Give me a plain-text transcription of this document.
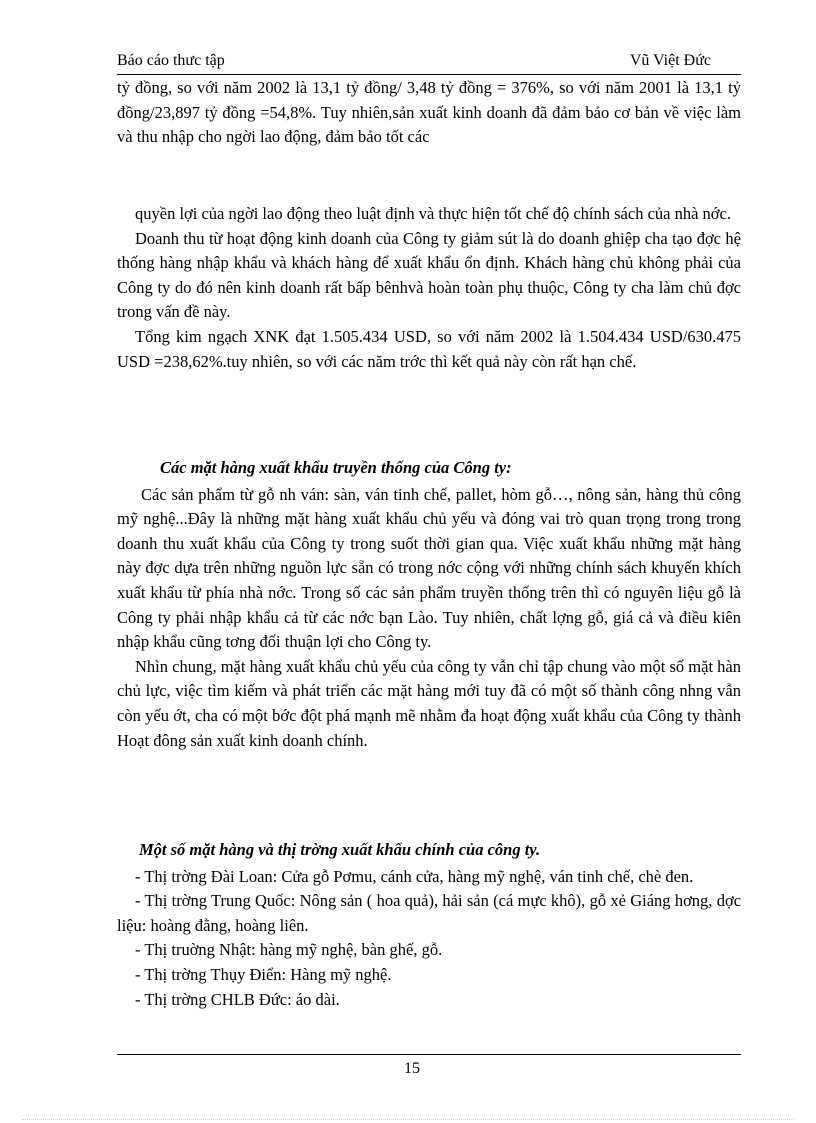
Báo cáo thưc tập	Vũ Việt Đức

tỷ đồng, so với năm 2002 là 13,1 tỷ đồng/ 3,48 tỷ đồng = 376%, so với năm 2001 là 13,1 tỷ đồng/23,897 tỷ đồng =54,8%. Tuy nhiên,sản xuất kinh doanh đã đảm bảo cơ bản về việc làm và thu nhập cho ngời lao động, đảm bảo tốt các

quyền lợi của ngời lao động theo luật định và thực hiện tốt chế độ chính sách của nhà nớc.

Doanh thu từ hoạt động kinh doanh của Công ty giảm sút là do doanh ghiệp cha tạo đợc hệ thống hàng nhập khẩu và khách hàng để xuất khẩu ổn định. Khách hàng chủ không phải của Công ty do đó nên kinh doanh rất bấp bênhvà hoàn toàn phụ thuộc, Công ty cha làm chủ đợc trong vấn đề này.

Tổng kim ngạch XNK đạt 1.505.434 USD, so với năm 2002 là 1.504.434 USD/630.475 USD =238,62%.tuy nhiên, so với các năm trớc thì kết quả này còn rất hạn chế.

Các mặt hàng xuất khẩu truyền thống của Công ty:

Các sản phẩm từ gỗ nh ván: sàn, ván tinh chế, pallet, hòm gỗ…, nông sản, hàng thủ công mỹ nghệ...Đây là những mặt hàng xuất khẩu chủ yếu và đóng vai trò quan trọng trong trong doanh thu xuất khẩu của Công ty trong suốt thời gian qua. Việc xuất khẩu những mặt hàng này đợc dựa trên những nguồn lực sẵn có trong nớc cộng với những chính sách khuyến khích xuất khẩu từ phía nhà nớc. Trong số các sản phẩm truyền thống trên thì có nguyên liệu gỗ là Công ty phải nhập khẩu cả từ các nớc bạn Lào. Tuy nhiên, chất lợng gỗ, giá cả và điều kiên nhập khẩu cũng tơng đối thuận lợi cho Công ty.

Nhìn chung, mặt hàng xuất khẩu chủ yếu của công ty vẫn chỉ tập chung vào một số mặt hàn chủ lực, việc tìm kiếm và phát triển các mặt hàng mới tuy đã có một số thành công nhng vẫn còn yếu ớt, cha có một bớc đột phá mạnh mẽ nhằm đa hoạt động xuất khẩu của Công ty thành Hoạt đông sản xuất kinh doanh chính.

Một số mặt hàng và thị trờng xuất khẩu chính của công ty.

- Thị trờng Đài Loan: Cửa gỗ Pơmu, cánh cửa, hàng mỹ nghệ, ván tinh chế, chè đen.

- Thị trờng Trung Quốc: Nông sản ( hoa quả), hải sản (cá mực khô), gỗ xẻ Giáng hơng, dợc liệu: hoàng đằng, hoàng liên.

- Thị truờng Nhật: hàng mỹ nghệ, bàn ghế, gỗ.

- Thị trờng Thụy Điển: Hàng mỹ nghệ.

- Thị trờng CHLB Đức: áo dài.

15
